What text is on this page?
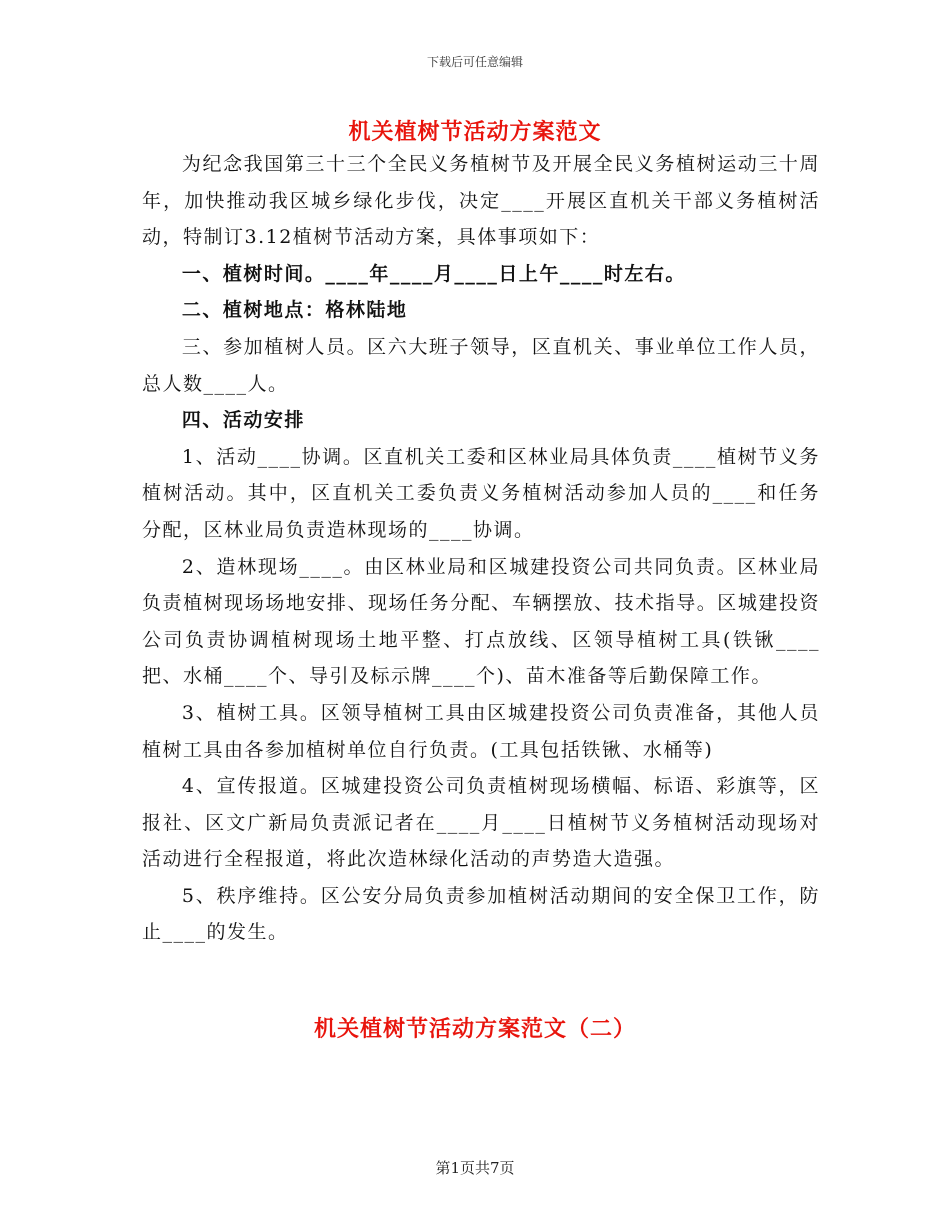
下载后可任意编辑
机关植树节活动方案范文

为纪念我国第三十三个全民义务植树节及开展全民义务植树运动三十周年，加快推动我区城乡绿化步伐，决定____开展区直机关干部义务植树活动，特制订3.12植树节活动方案，具体事项如下：

一、植树时间。____年____月____日上午____时左右。

二、植树地点：格林陆地

三、参加植树人员。区六大班子领导，区直机关、事业单位工作人员，总人数____人。

四、活动安排

1、活动____协调。区直机关工委和区林业局具体负责____植树节义务植树活动。其中，区直机关工委负责义务植树活动参加人员的____和任务分配，区林业局负责造林现场的____协调。

2、造林现场____。由区林业局和区城建投资公司共同负责。区林业局负责植树现场场地安排、现场任务分配、车辆摆放、技术指导。区城建投资公司负责协调植树现场土地平整、打点放线、区领导植树工具(铁锹____把、水桶____个、导引及标示牌____个)、苗木准备等后勤保障工作。

3、植树工具。区领导植树工具由区城建投资公司负责准备，其他人员植树工具由各参加植树单位自行负责。(工具包括铁锹、水桶等)

4、宣传报道。区城建投资公司负责植树现场横幅、标语、彩旗等，区报社、区文广新局负责派记者在____月____日植树节义务植树活动现场对活动进行全程报道，将此次造林绿化活动的声势造大造强。

5、秩序维持。区公安分局负责参加植树活动期间的安全保卫工作，防止____的发生。

机关植树节活动方案范文（二）
第1页共7页
